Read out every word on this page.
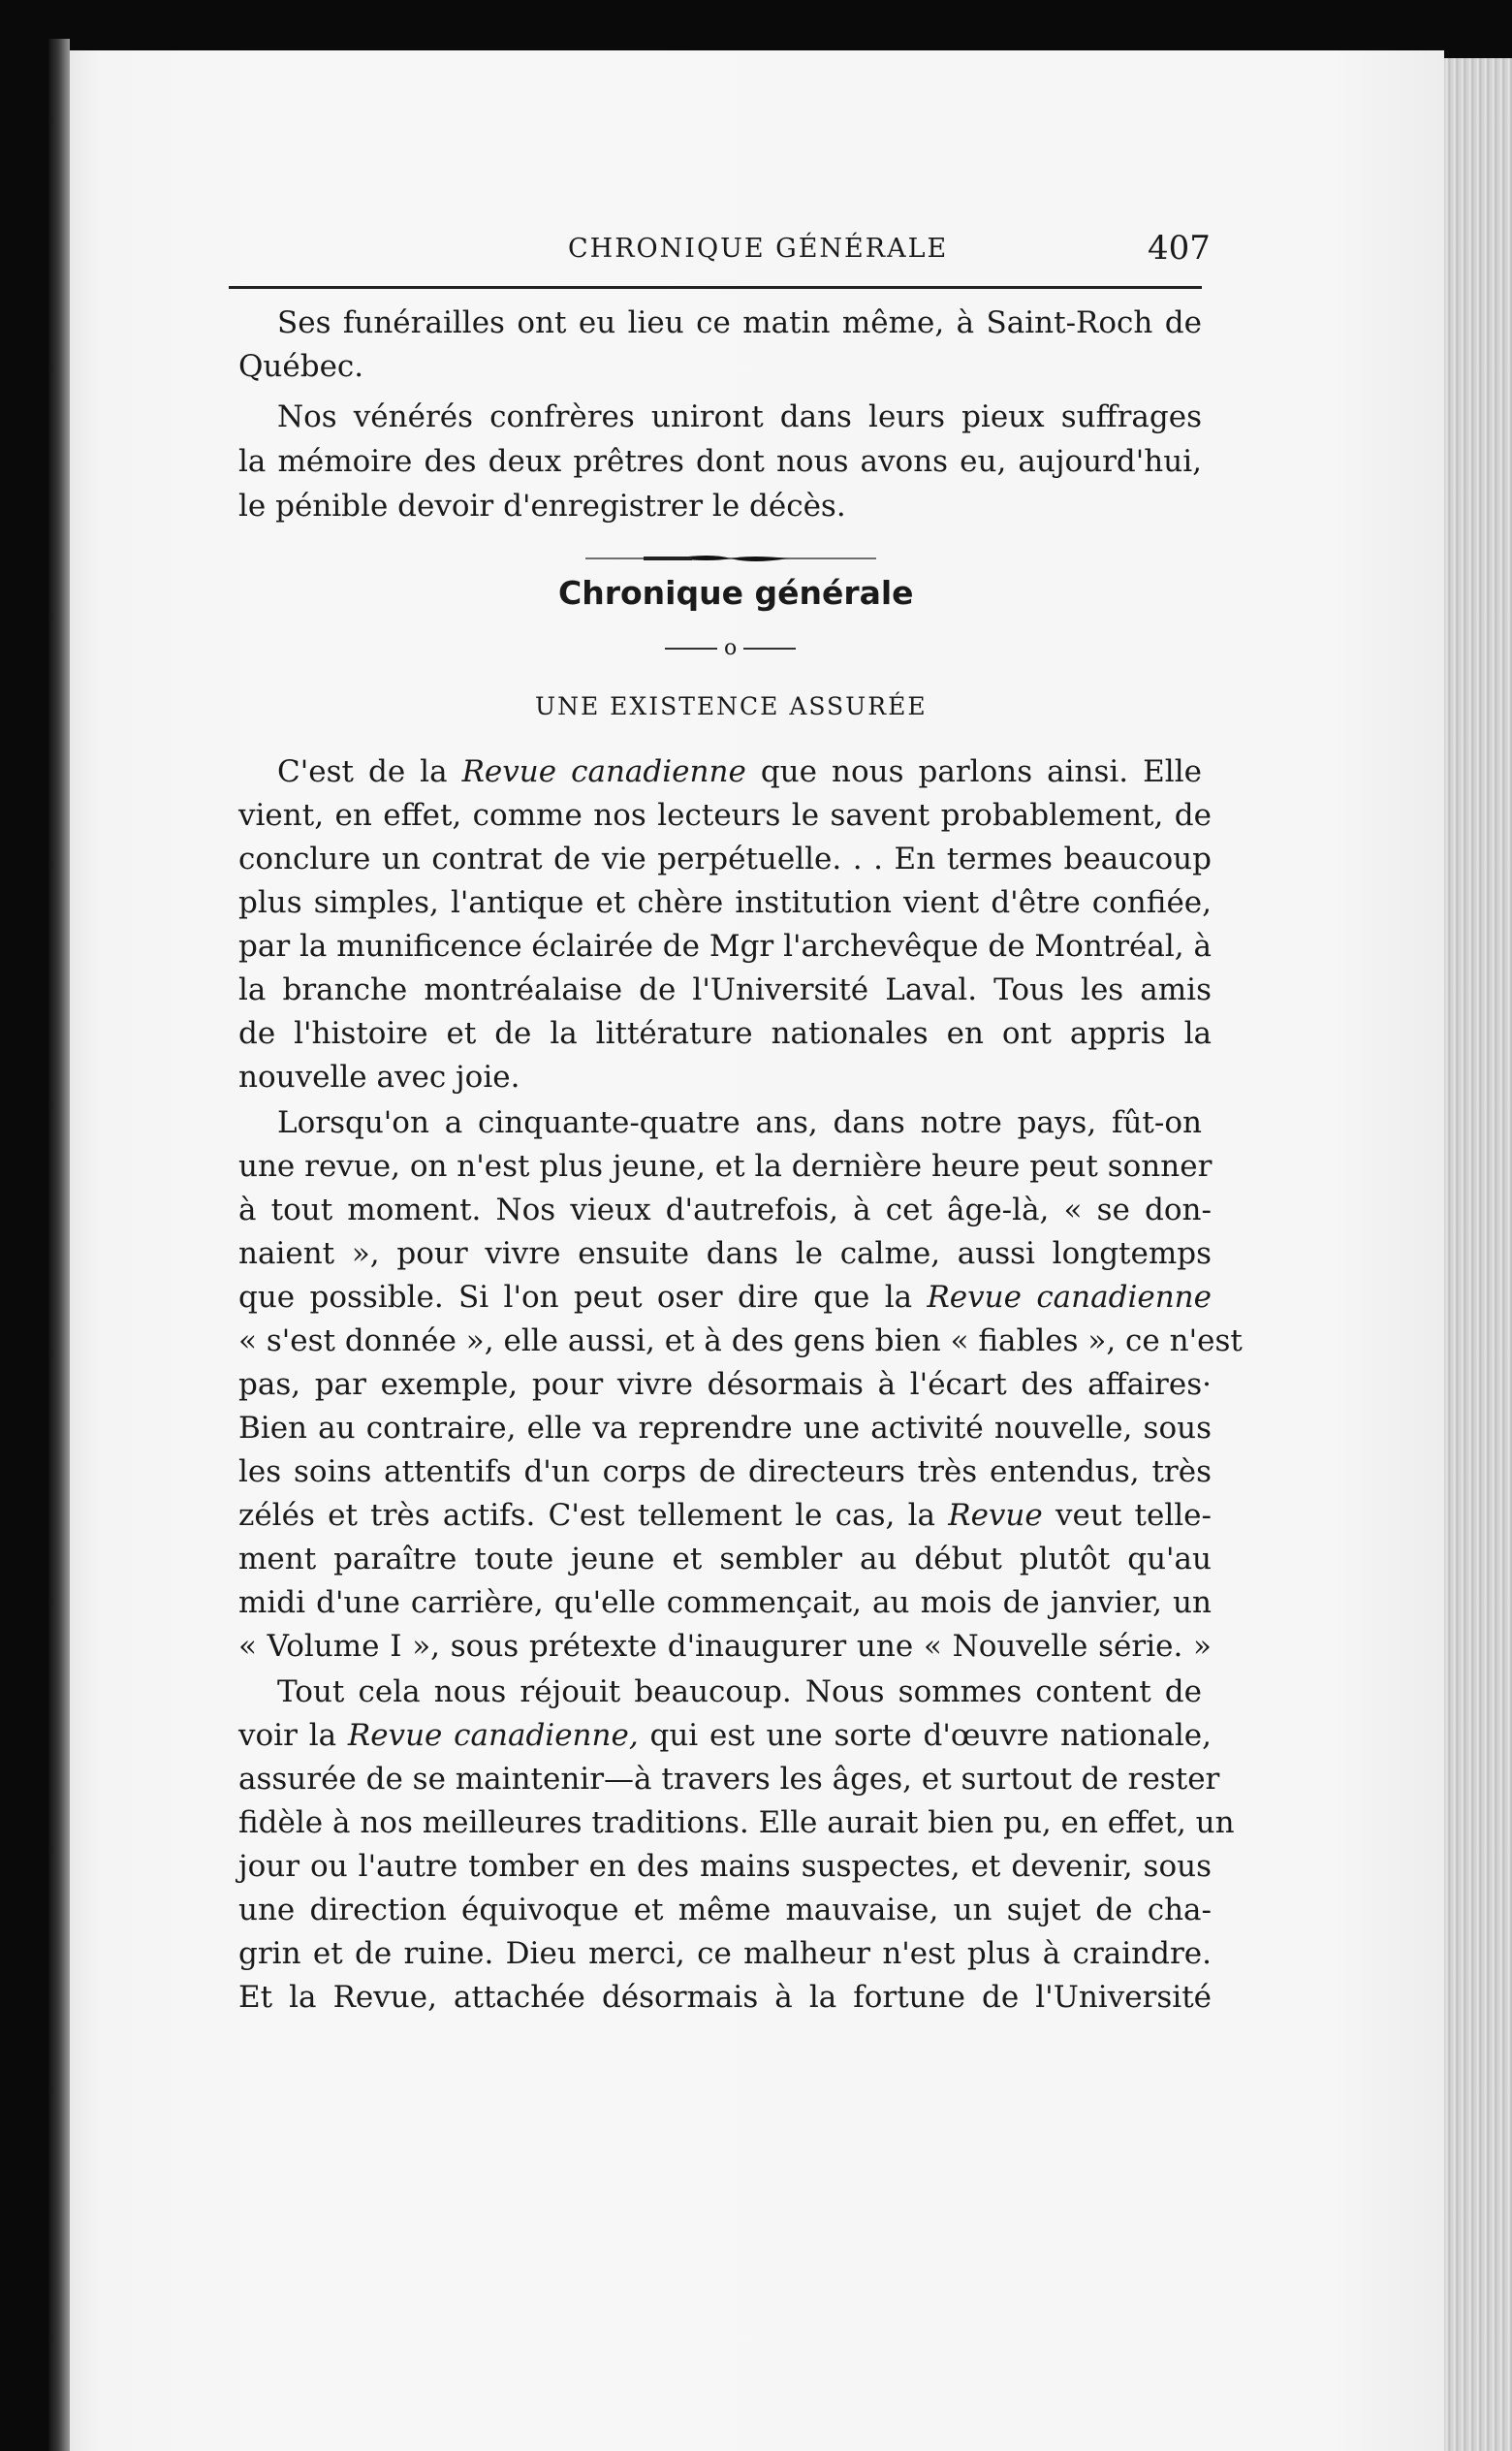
CHRONIQUE GÉNÉRALE	407
Ses funérailles ont eu lieu ce matin même, à Saint-Roch de
Québec.
Nos vénérés confrères uniront dans leurs pieux suffrages
la mémoire des deux prêtres dont nous avons eu, aujourd'hui,
le pénible devoir d'enregistrer le décès.
Chronique générale
o
UNE EXISTENCE ASSURÉE
C'est de la Revue canadienne que nous parlons ainsi. Elle
vient, en effet, comme nos lecteurs le savent probablement, de
conclure un contrat de vie perpétuelle. . . En termes beaucoup
plus simples, l'antique et chère institution vient d'être confiée,
par la munificence éclairée de Mgr l'archevêque de Montréal, à
la branche montréalaise de l'Université Laval. Tous les amis
de l'histoire et de la littérature nationales en ont appris la
nouvelle avec joie.
Lorsqu'on a cinquante-quatre ans, dans notre pays, fût-on
une revue, on n'est plus jeune, et la dernière heure peut sonner
à tout moment. Nos vieux d'autrefois, à cet âge-là, « se don-
naient », pour vivre ensuite dans le calme, aussi longtemps
que possible. Si l'on peut oser dire que la Revue canadienne
« s'est donnée », elle aussi, et à des gens bien « fiables », ce n'est
pas, par exemple, pour vivre désormais à l'écart des affaires·
Bien au contraire, elle va reprendre une activité nouvelle, sous
les soins attentifs d'un corps de directeurs très entendus, très
zélés et très actifs. C'est tellement le cas, la Revue veut telle-
ment paraître toute jeune et sembler au début plutôt qu'au
midi d'une carrière, qu'elle commençait, au mois de janvier, un
« Volume I », sous prétexte d'inaugurer une « Nouvelle série. »
Tout cela nous réjouit beaucoup. Nous sommes content de
voir la Revue canadienne, qui est une sorte d'œuvre nationale,
assurée de se maintenir—à travers les âges, et surtout de rester
fidèle à nos meilleures traditions. Elle aurait bien pu, en effet, un
jour ou l'autre tomber en des mains suspectes, et devenir, sous
une direction équivoque et même mauvaise, un sujet de cha-
grin et de ruine. Dieu merci, ce malheur n'est plus à craindre.
Et la Revue, attachée désormais à la fortune de l'Université
